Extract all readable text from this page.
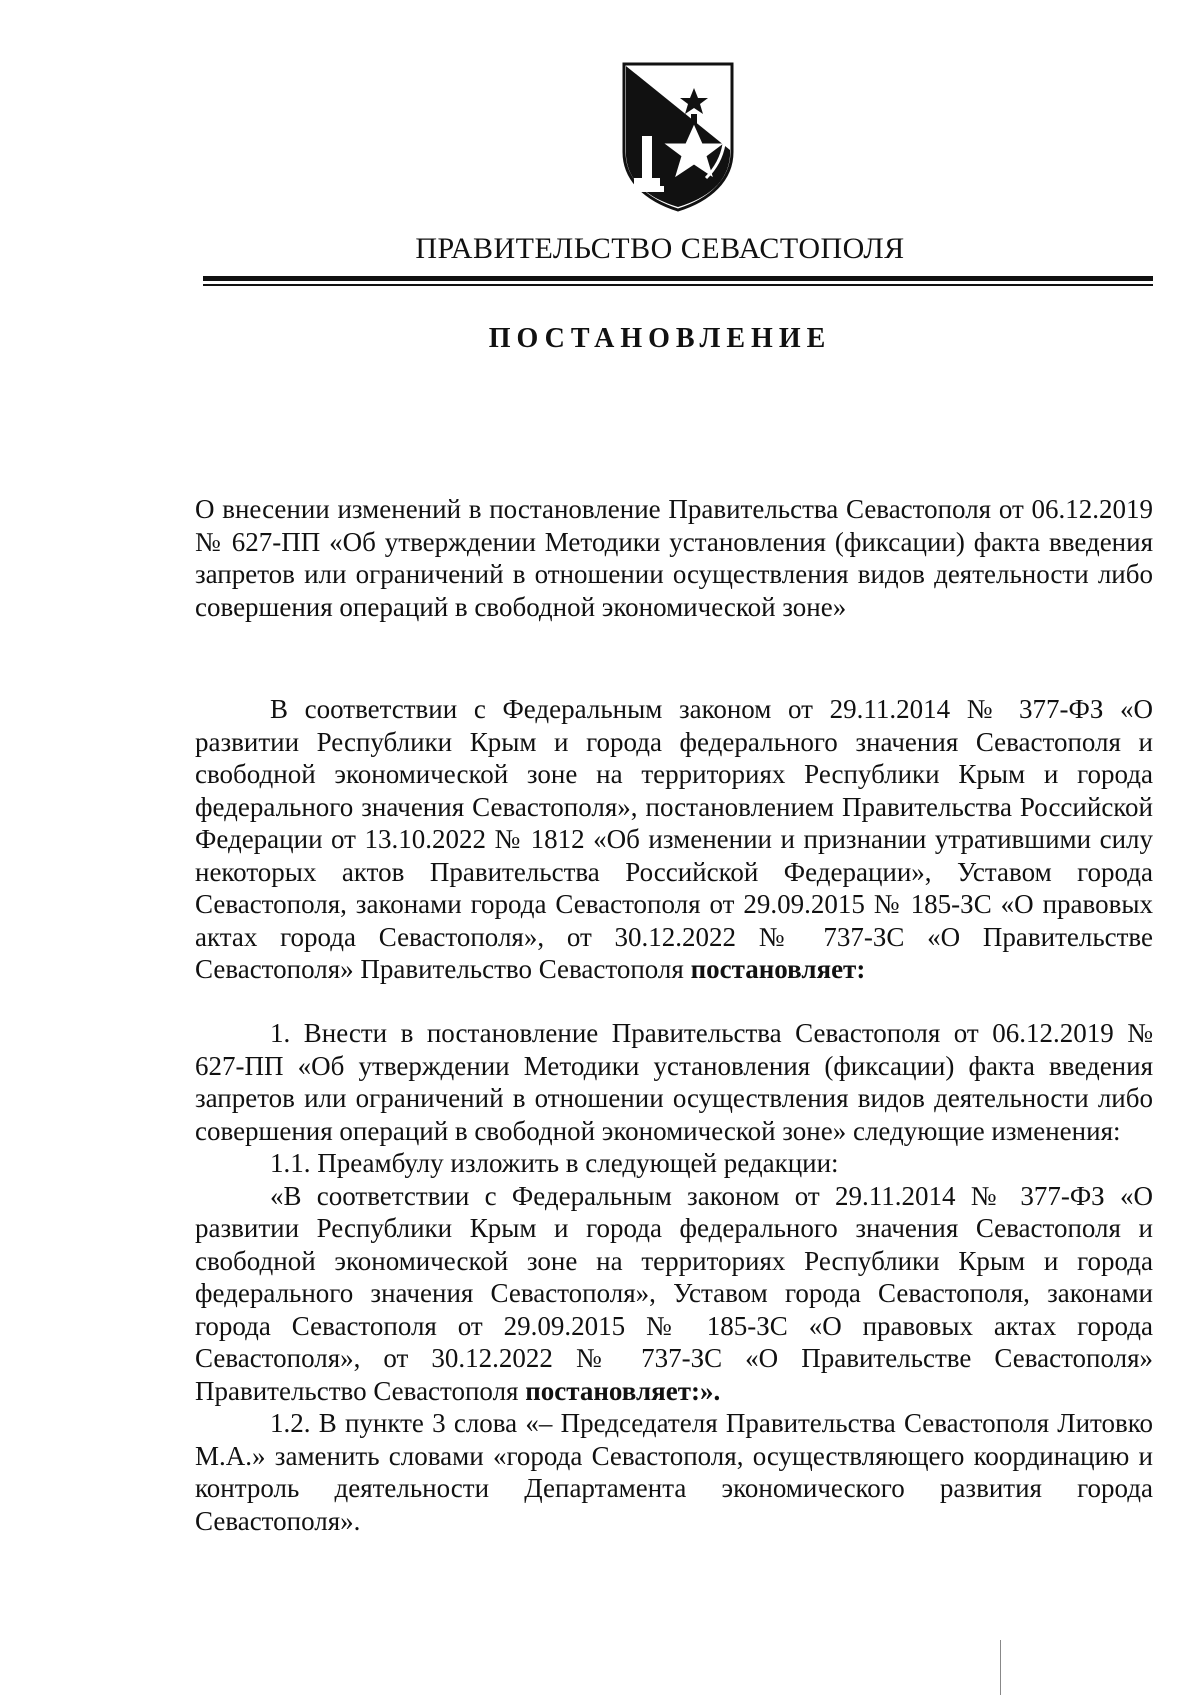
ПРАВИТЕЛЬСТВО СЕВАСТОПОЛЯ
ПОСТАНОВЛЕНИЕ

О внесении изменений в постановление Правительства Севастополя от 06.12.2019 № 627-ПП «Об утверждении Методики установления (фиксации) факта введения запретов или ограничений в отношении осуществления видов деятельности либо совершения операций в свободной экономической зоне»

В соответствии с Федеральным законом от 29.11.2014 № 377-ФЗ «О развитии Республики Крым и города федерального значения Севастополя и свободной экономической зоне на территориях Республики Крым и города федерального значения Севастополя», постановлением Правительства Российской Федерации от 13.10.2022 № 1812 «Об изменении и признании утратившими силу некоторых актов Правительства Российской Федерации», Уставом города Севастополя, законами города Севастополя от 29.09.2015 № 185-ЗС «О правовых актах города Севастополя», от 30.12.2022 № 737-ЗС «О Правительстве Севастополя» Правительство Севастополя постановляет:

1. Внести в постановление Правительства Севастополя от 06.12.2019 № 627-ПП «Об утверждении Методики установления (фиксации) факта введения запретов или ограничений в отношении осуществления видов деятельности либо совершения операций в свободной экономической зоне» следующие изменения:

1.1. Преамбулу изложить в следующей редакции:

«В соответствии с Федеральным законом от 29.11.2014 № 377-ФЗ «О развитии Республики Крым и города федерального значения Севастополя и свободной экономической зоне на территориях Республики Крым и города федерального значения Севастополя», Уставом города Севастополя, законами города Севастополя от 29.09.2015 № 185-ЗС «О правовых актах города Севастополя», от 30.12.2022 № 737-ЗС «О Правительстве Севастополя» Правительство Севастополя постановляет:».

1.2. В пункте 3 слова «– Председателя Правительства Севастополя Литовко М.А.» заменить словами «города Севастополя, осуществляющего координацию и контроль деятельности Департамента экономического развития города Севастополя».
